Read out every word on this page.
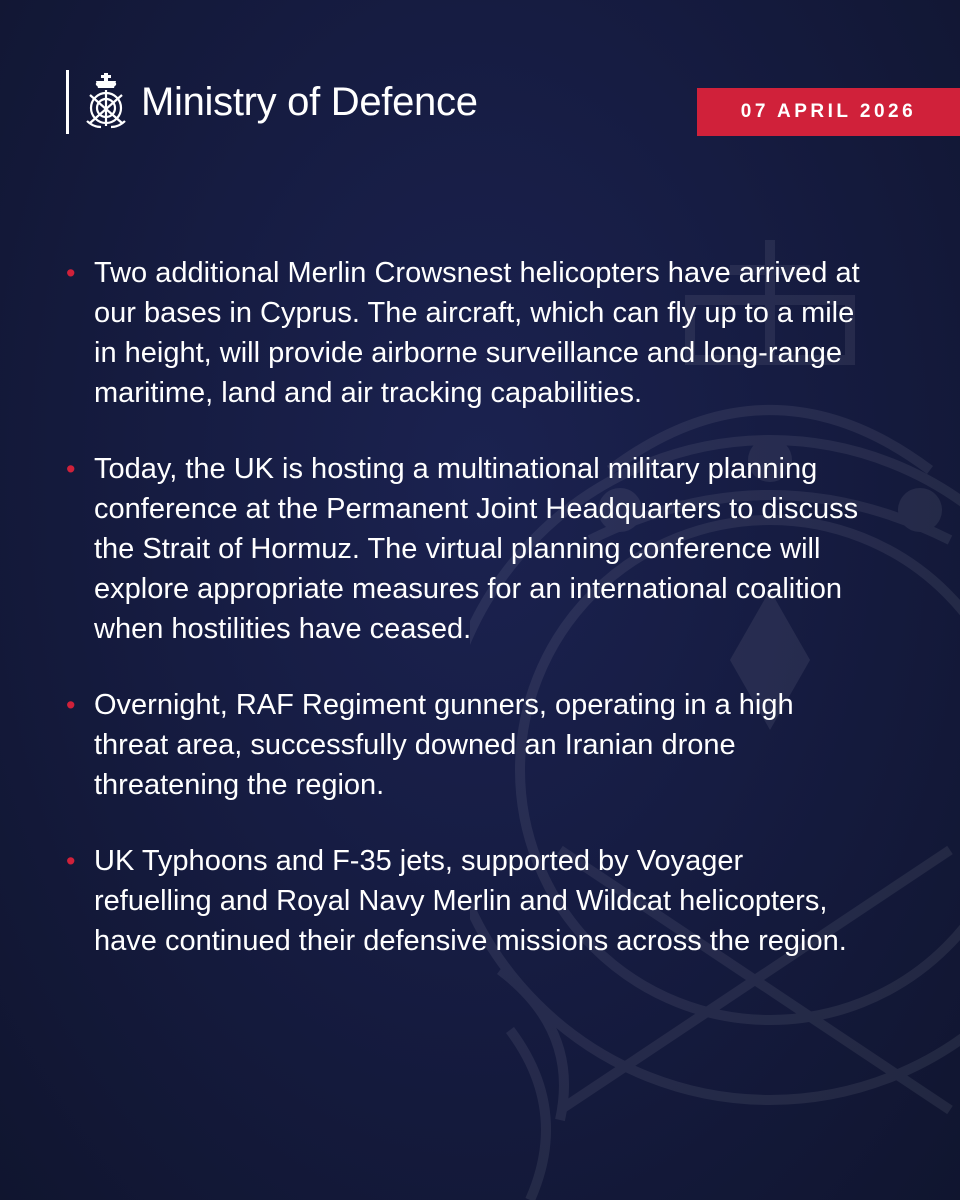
Ministry of Defence	07 APRIL 2026
• Two additional Merlin Crowsnest helicopters have arrived at our bases in Cyprus. The aircraft, which can fly up to a mile in height, will provide airborne surveillance and long-range maritime, land and air tracking capabilities.
• Today, the UK is hosting a multinational military planning conference at the Permanent Joint Headquarters to discuss the Strait of Hormuz. The virtual planning conference will explore appropriate measures for an international coalition when hostilities have ceased.
• Overnight, RAF Regiment gunners, operating in a high threat area, successfully downed an Iranian drone threatening the region.
• UK Typhoons and F-35 jets, supported by Voyager refuelling and Royal Navy Merlin and Wildcat helicopters, have continued their defensive missions across the region.
